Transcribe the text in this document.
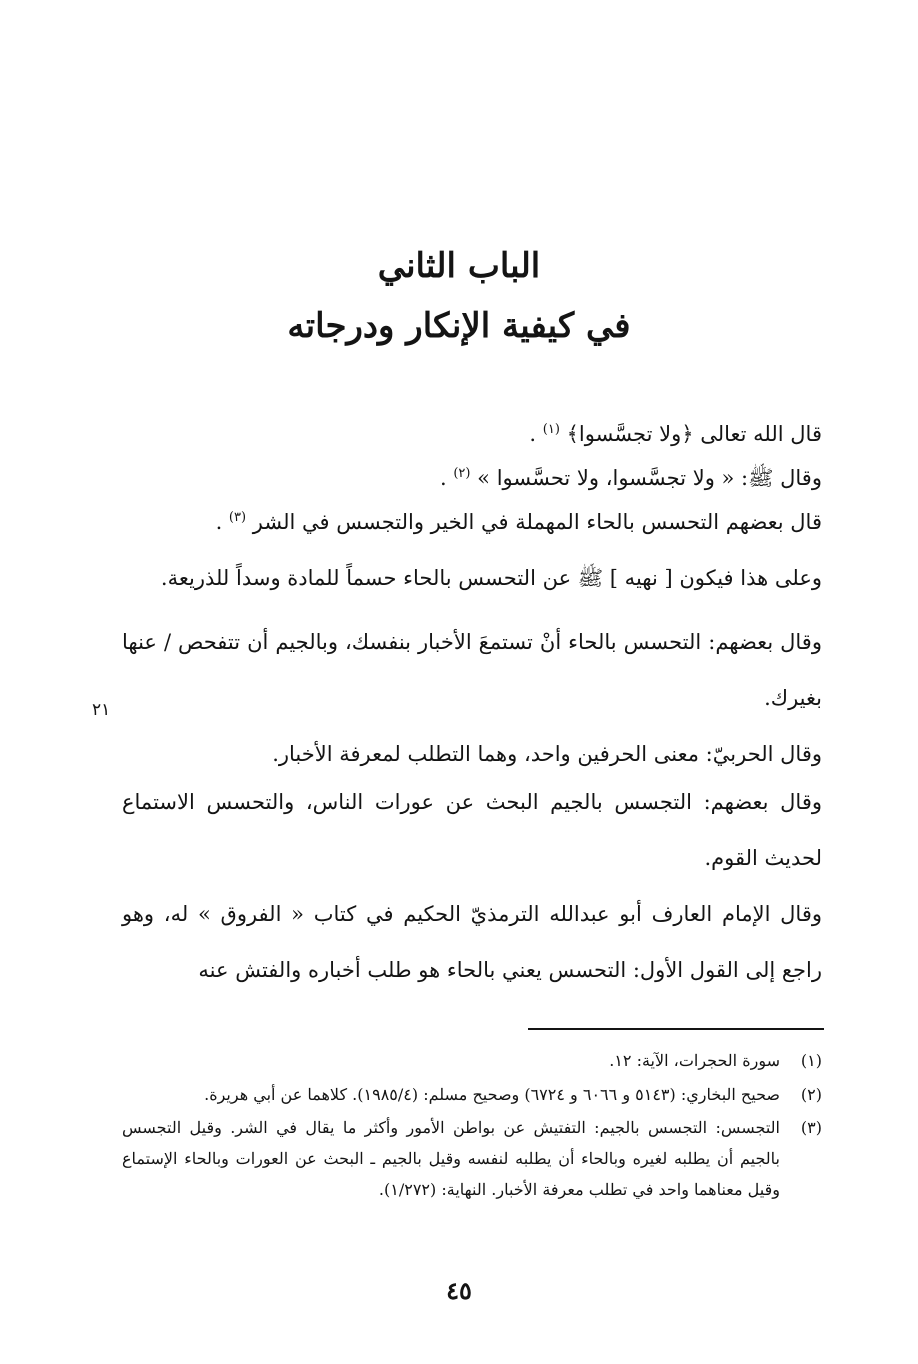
الباب الثاني
في كيفية الإنكار ودرجاته

قال الله تعالى ﴿ولا تجسَّسوا﴾ $^{(١)}$ .

وقال ﷺ: « ولا تجسَّسوا، ولا تحسَّسوا » $^{(٢)}$ .

قال بعضهم التحسس بالحاء المهملة في الخير والتجسس في الشر $^{(٣)}$ .

وعلى هذا فيكون [ نهيه ] ﷺ عن التحسس بالحاء حسماً للمادة وسداً للذريعة.

وقال بعضهم: التحسس بالحاء أنْ تستمعَ الأخبار بنفسك، وبالجيم أن تتفحص / عنها بغيرك.

وقال الحربيّ: معنى الحرفين واحد، وهما التطلب لمعرفة الأخبار.

وقال بعضهم: التجسس بالجيم البحث عن عورات الناس، والتحسس الاستماع لحديث القوم.

وقال الإمام العارف أبو عبدالله الترمذيّ الحكيم في كتاب « الفروق » له، وهو راجع إلى القول الأول: التحسس يعني بالحاء هو طلب أخباره والفتش عنه

٢١
(١)
سورة الحجرات، الآية: ١٢.
(٢)
صحيح البخاري: (٥١٤٣ و ٦٠٦٦ و ٦٧٢٤) وصحيح مسلم: (١٩٨٥/٤). كلاهما عن أبي هريرة.
(٣)
التجسس: التجسس بالجيم: التفتيش عن بواطن الأمور وأكثر ما يقال في الشر. وقيل التجسس بالجيم أن يطلبه لغيره وبالحاء أن يطلبه لنفسه وقيل بالجيم ـ البحث عن العورات وبالحاء الإستماع وقيل معناهما واحد في تطلب معرفة الأخبار. النهاية: (١/٢٧٢).
٤٥
